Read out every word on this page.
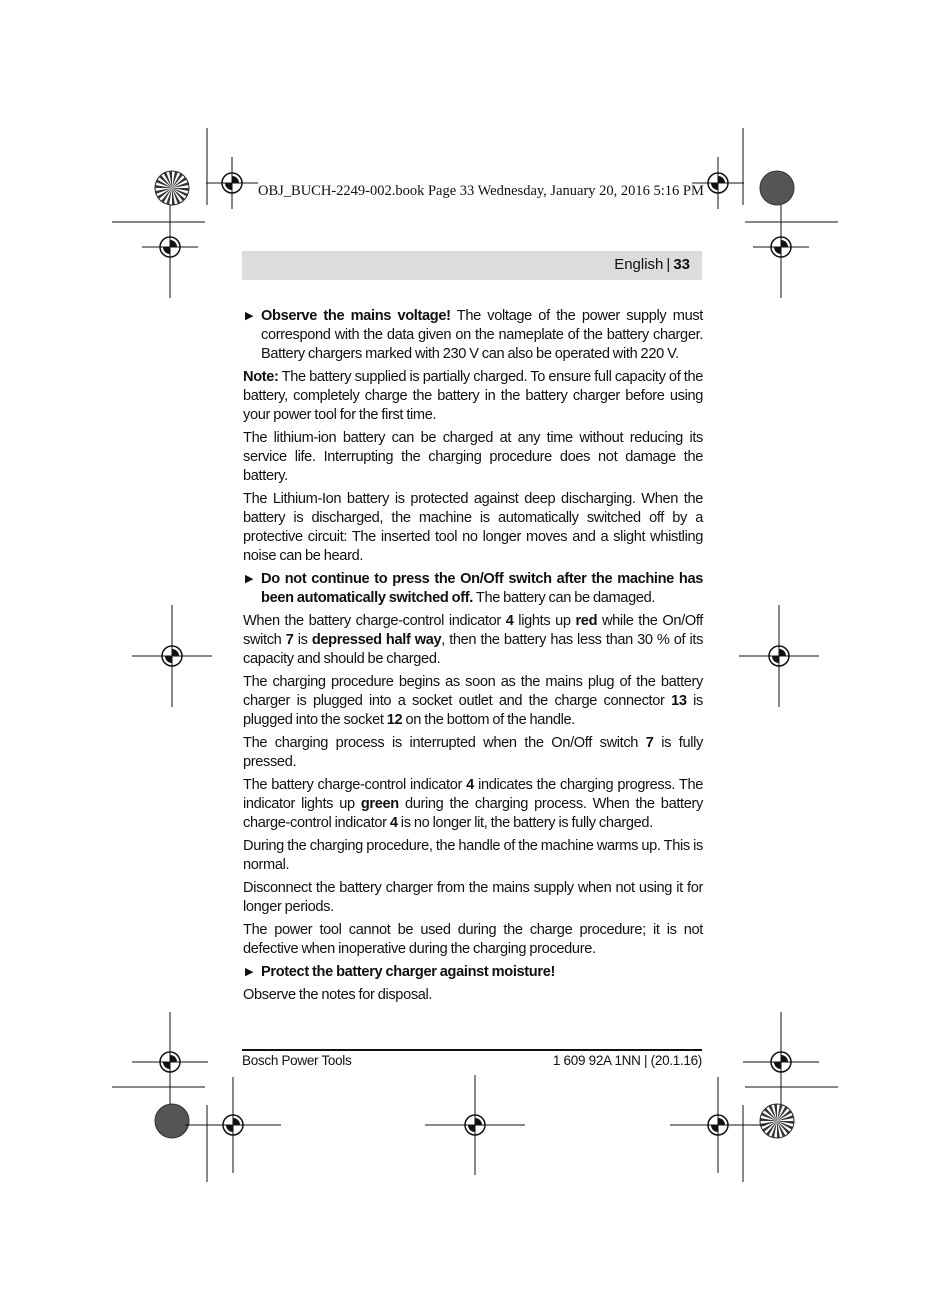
OBJ_BUCH-2249-002.book Page 33 Wednesday, January 20, 2016 5:16 PM
English | 33

▶ Observe the mains voltage! The voltage of the power supply must correspond with the data given on the nameplate of the battery charger. Battery chargers marked with 230 V can also be operated with 220 V.

Note: The battery supplied is partially charged. To ensure full capacity of the battery, completely charge the battery in the battery charger before using your power tool for the first time.

The lithium-ion battery can be charged at any time without reducing its service life. Interrupting the charging procedure does not damage the battery.

The Lithium-Ion battery is protected against deep discharging. When the battery is discharged, the machine is automatically switched off by a protective circuit: The inserted tool no longer moves and a slight whistling noise can be heard.

▶ Do not continue to press the On/Off switch after the machine has been automatically switched off. The battery can be damaged.

When the battery charge-control indicator 4 lights up red while the On/Off switch 7 is depressed half way, then the battery has less than 30 % of its capacity and should be charged.

The charging procedure begins as soon as the mains plug of the battery charger is plugged into a socket outlet and the charge connector 13 is plugged into the socket 12 on the bottom of the handle.

The charging process is interrupted when the On/Off switch 7 is fully pressed.

The battery charge-control indicator 4 indicates the charging progress. The indicator lights up green during the charging process. When the battery charge-control indicator 4 is no longer lit, the battery is fully charged.

During the charging procedure, the handle of the machine warms up. This is normal.

Disconnect the battery charger from the mains supply when not using it for longer periods.

The power tool cannot be used during the charge procedure; it is not defective when inoperative during the charging procedure.

▶ Protect the battery charger against moisture!

Observe the notes for disposal.

Bosch Power Tools	1 609 92A 1NN | (20.1.16)
